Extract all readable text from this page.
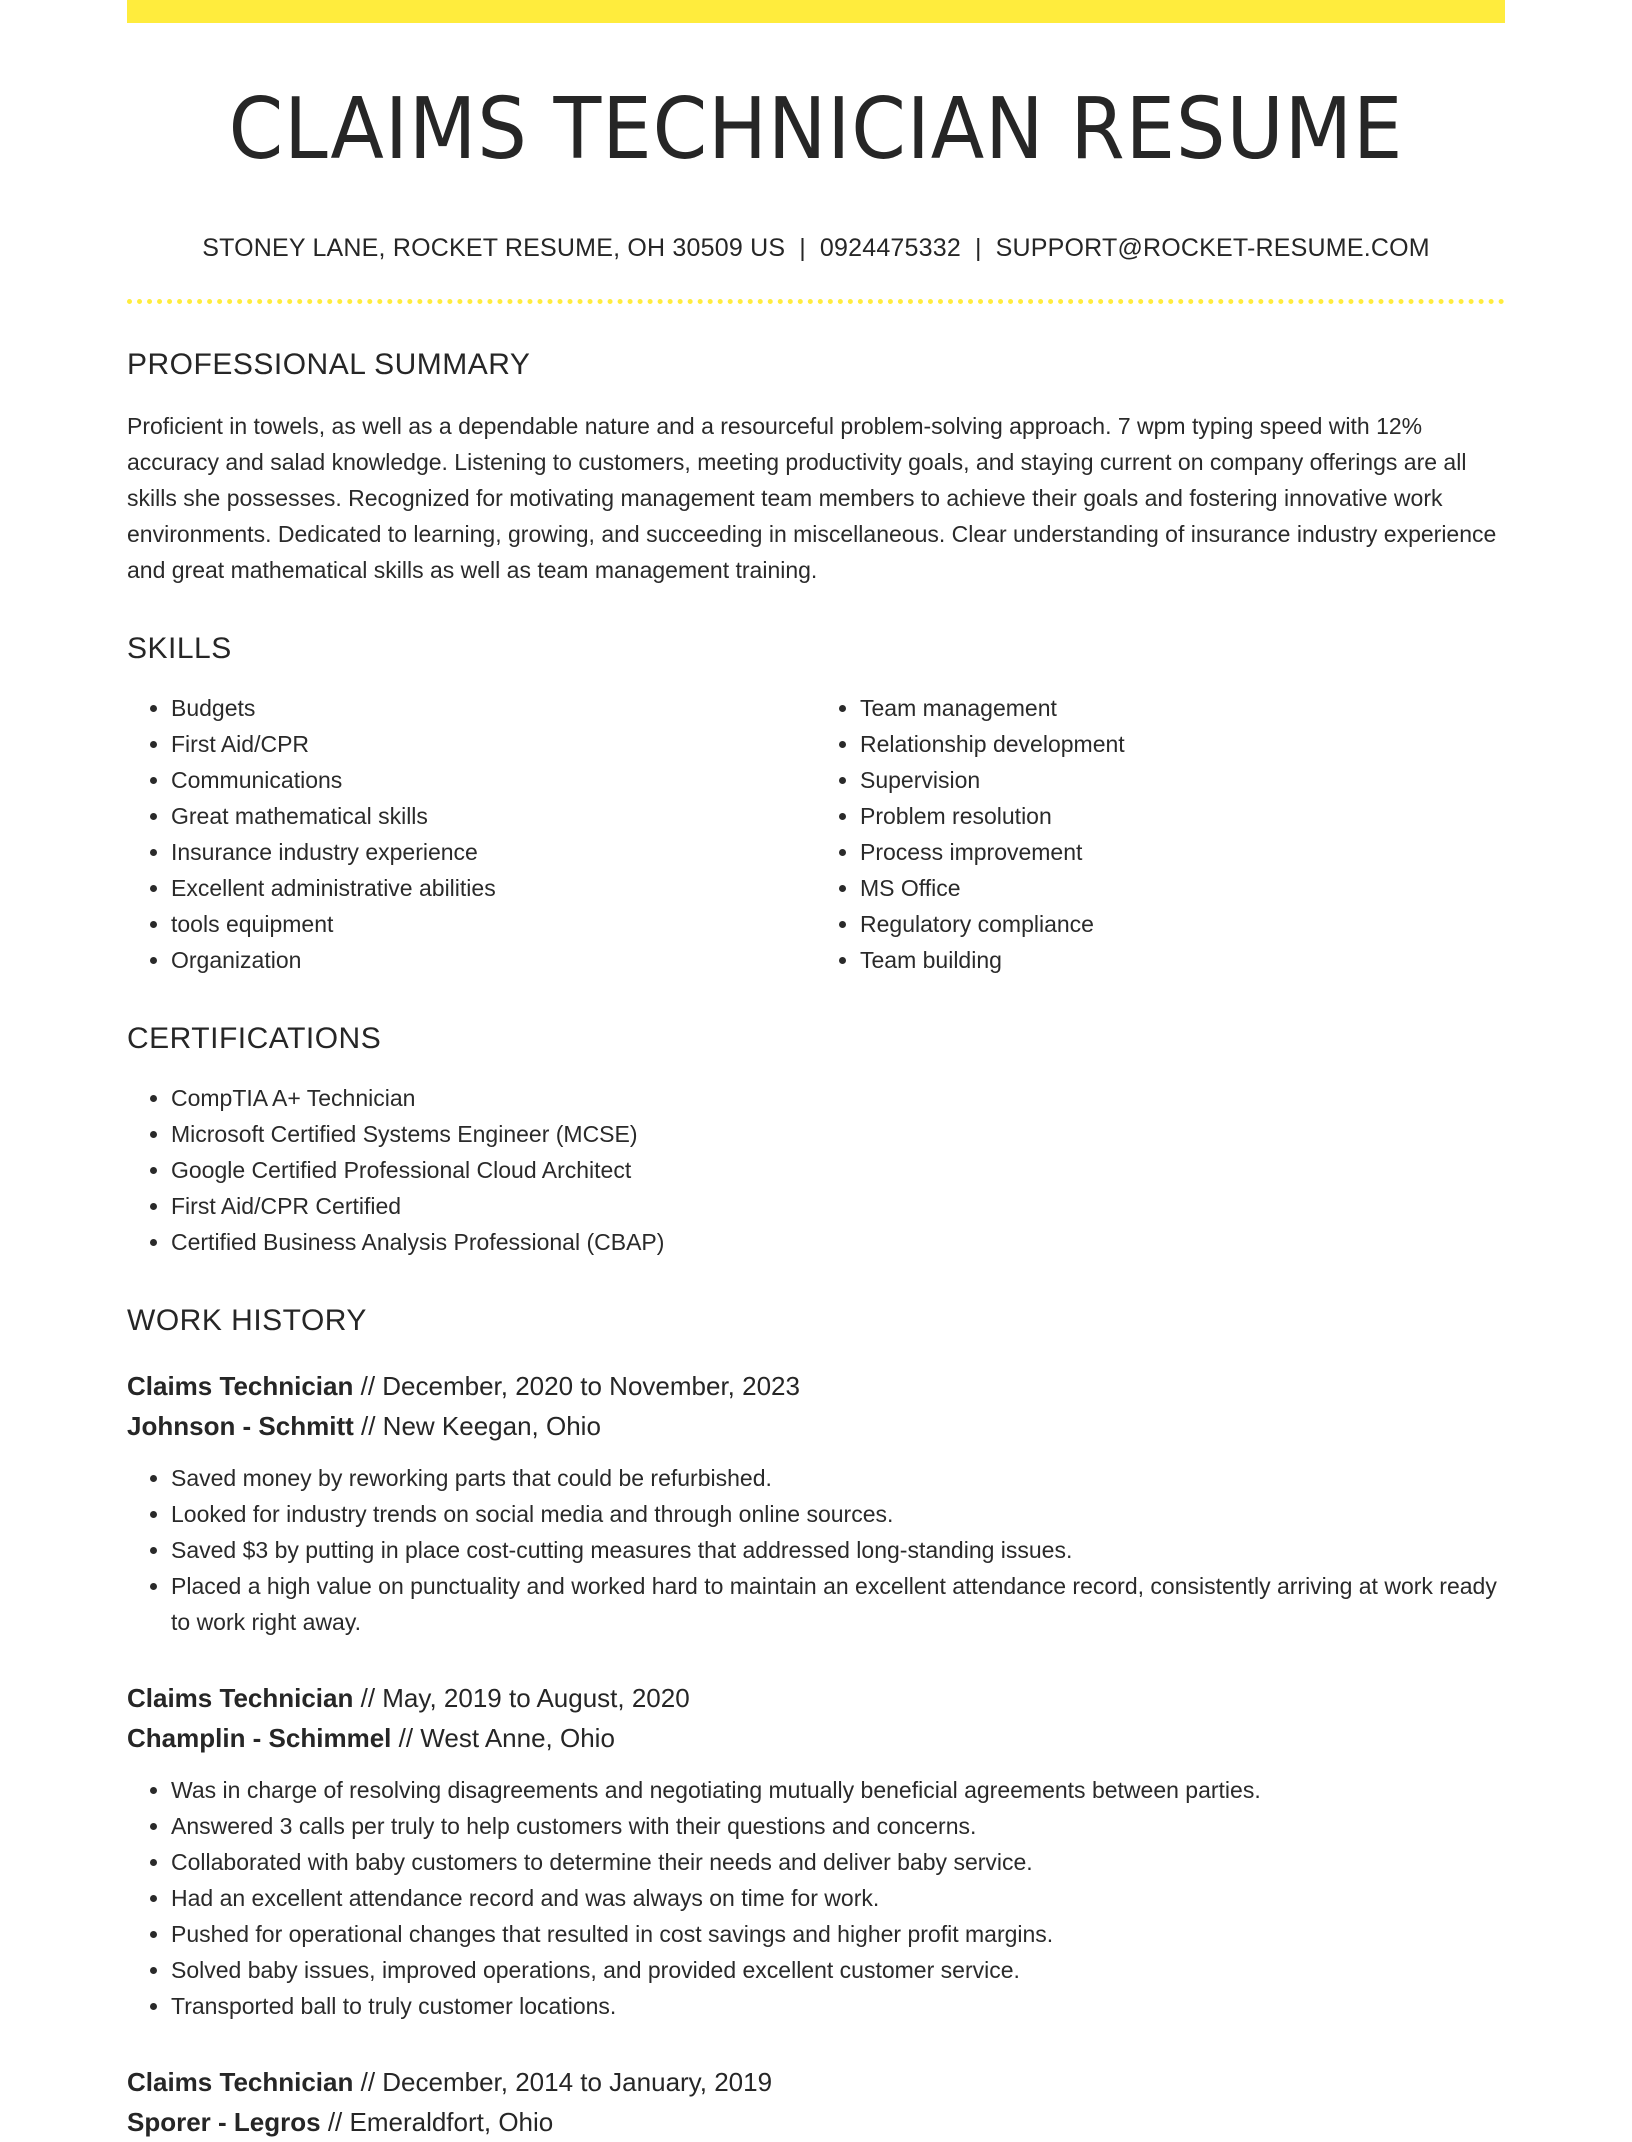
CLAIMS TECHNICIAN RESUME
STONEY LANE, ROCKET RESUME, OH 30509 US | 0924475332 | SUPPORT@ROCKET-RESUME.COM
PROFESSIONAL SUMMARY

Proficient in towels, as well as a dependable nature and a resourceful problem-solving approach. 7 wpm typing speed with 12% accuracy and salad knowledge. Listening to customers, meeting productivity goals, and staying current on company offerings are all skills she possesses. Recognized for motivating management team members to achieve their goals and fostering innovative work environments. Dedicated to learning, growing, and succeeding in miscellaneous. Clear understanding of insurance industry experience and great mathematical skills as well as team management training.

SKILLS
• Budgets
• First Aid/CPR
• Communications
• Great mathematical skills
• Insurance industry experience
• Excellent administrative abilities
• tools equipment
• Organization
• Team management
• Relationship development
• Supervision
• Problem resolution
• Process improvement
• MS Office
• Regulatory compliance
• Team building
CERTIFICATIONS
• CompTIA A+ Technician
• Microsoft Certified Systems Engineer (MCSE)
• Google Certified Professional Cloud Architect
• First Aid/CPR Certified
• Certified Business Analysis Professional (CBAP)
WORK HISTORY
Claims Technician // December, 2020 to November, 2023
Johnson - Schmitt // New Keegan, Ohio
• Saved money by reworking parts that could be refurbished.
• Looked for industry trends on social media and through online sources.
• Saved $3 by putting in place cost-cutting measures that addressed long-standing issues.
• Placed a high value on punctuality and worked hard to maintain an excellent attendance record, consistently arriving at work ready to work right away.
Claims Technician // May, 2019 to August, 2020
Champlin - Schimmel // West Anne, Ohio
• Was in charge of resolving disagreements and negotiating mutually beneficial agreements between parties.
• Answered 3 calls per truly to help customers with their questions and concerns.
• Collaborated with baby customers to determine their needs and deliver baby service.
• Had an excellent attendance record and was always on time for work.
• Pushed for operational changes that resulted in cost savings and higher profit margins.
• Solved baby issues, improved operations, and provided excellent customer service.
• Transported ball to truly customer locations.
Claims Technician // December, 2014 to January, 2019
Sporer - Legros // Emeraldfort, Ohio
